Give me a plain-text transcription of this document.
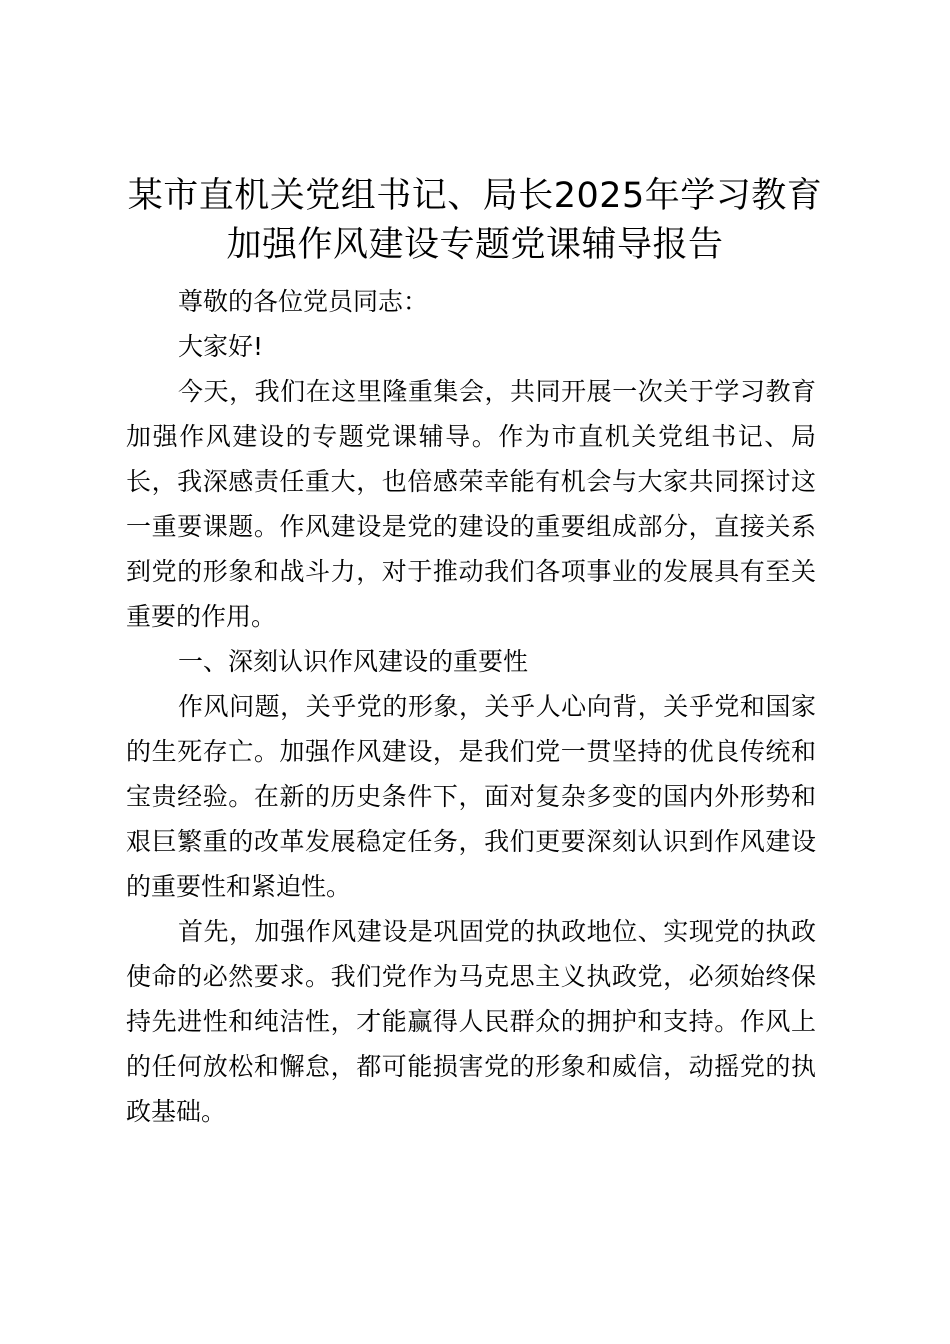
某市直机关党组书记、局长2025年学习教育
加强作风建设专题党课辅导报告
尊敬的各位党员同志：
大家好!
今天，我们在这里隆重集会，共同开展一次关于学习教育
加强作风建设的专题党课辅导。作为市直机关党组书记、局
长，我深感责任重大，也倍感荣幸能有机会与大家共同探讨这
一重要课题。作风建设是党的建设的重要组成部分，直接关系
到党的形象和战斗力，对于推动我们各项事业的发展具有至关
重要的作用。
一、深刻认识作风建设的重要性
作风问题，关乎党的形象，关乎人心向背，关乎党和国家
的生死存亡。加强作风建设，是我们党一贯坚持的优良传统和
宝贵经验。在新的历史条件下，面对复杂多变的国内外形势和
艰巨繁重的改革发展稳定任务，我们更要深刻认识到作风建设
的重要性和紧迫性。
首先，加强作风建设是巩固党的执政地位、实现党的执政
使命的必然要求。我们党作为马克思主义执政党，必须始终保
持先进性和纯洁性，才能赢得人民群众的拥护和支持。作风上
的任何放松和懈怠，都可能损害党的形象和威信，动摇党的执
政基础。
